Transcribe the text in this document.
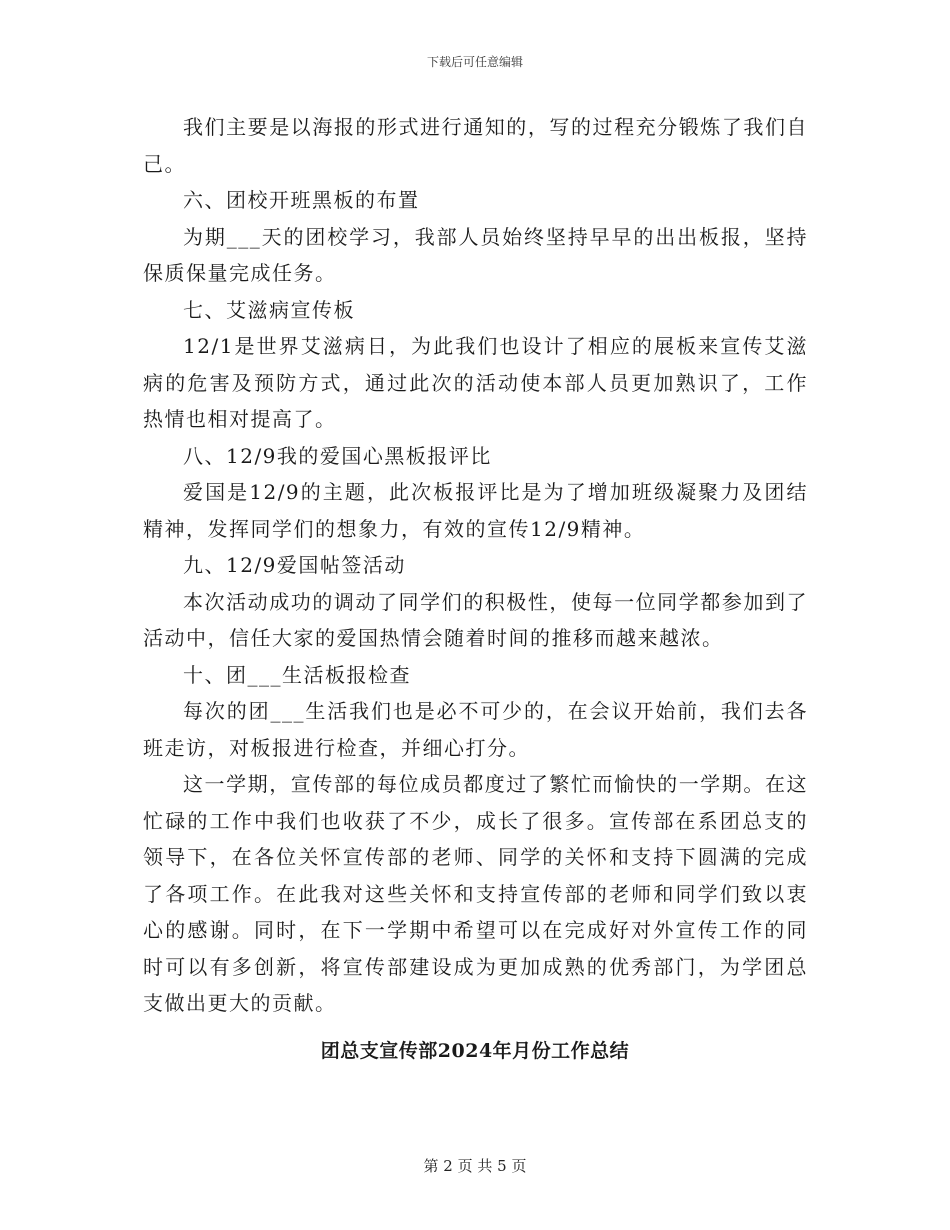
下载后可任意编辑

我们主要是以海报的形式进行通知的，写的过程充分锻炼了我们自己。

六、团校开班黑板的布置

为期___天的团校学习，我部人员始终坚持早早的出出板报，坚持保质保量完成任务。

七、艾滋病宣传板

12/1是世界艾滋病日，为此我们也设计了相应的展板来宣传艾滋病的危害及预防方式，通过此次的活动使本部人员更加熟识了，工作热情也相对提高了。

八、12/9我的爱国心黑板报评比

爱国是12/9的主题，此次板报评比是为了增加班级凝聚力及团结精神，发挥同学们的想象力，有效的宣传12/9精神。

九、12/9爱国帖签活动

本次活动成功的调动了同学们的积极性，使每一位同学都参加到了活动中，信任大家的爱国热情会随着时间的推移而越来越浓。

十、团___生活板报检查

每次的团___生活我们也是必不可少的，在会议开始前，我们去各班走访，对板报进行检查，并细心打分。

这一学期，宣传部的每位成员都度过了繁忙而愉快的一学期。在这忙碌的工作中我们也收获了不少，成长了很多。宣传部在系团总支的领导下，在各位关怀宣传部的老师、同学的关怀和支持下圆满的完成了各项工作。在此我对这些关怀和支持宣传部的老师和同学们致以衷心的感谢。同时，在下一学期中希望可以在完成好对外宣传工作的同时可以有多创新，将宣传部建设成为更加成熟的优秀部门，为学团总支做出更大的贡献。

团总支宣传部2024年月份工作总结
第 2 页 共 5 页
